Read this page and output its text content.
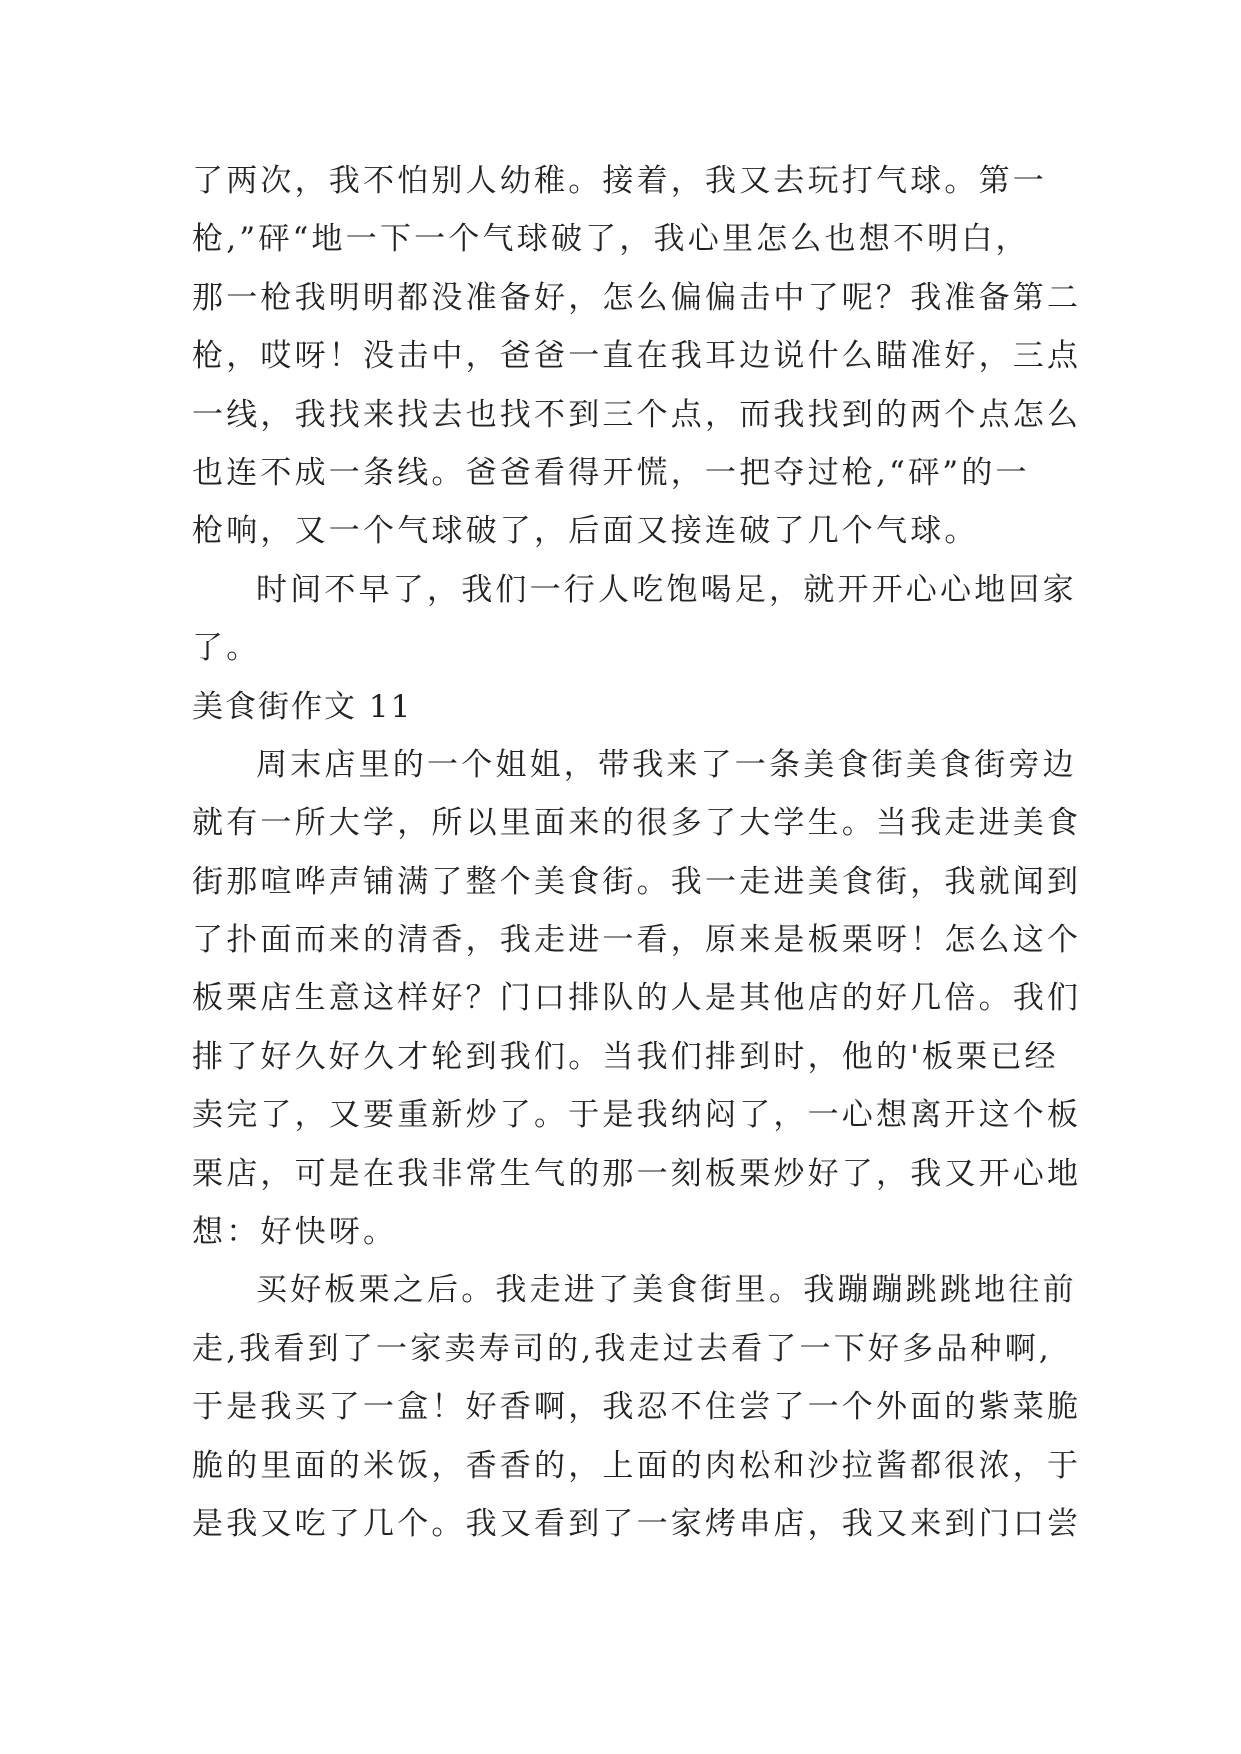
了两次，我不怕别人幼稚。接着，我又去玩打气球。第一
枪,”砰“地一下一个气球破了，我心里怎么也想不明白，
那一枪我明明都没准备好，怎么偏偏击中了呢？我准备第二
枪，哎呀！没击中，爸爸一直在我耳边说什么瞄准好，三点
一线，我找来找去也找不到三个点，而我找到的两个点怎么
也连不成一条线。爸爸看得开慌，一把夺过枪,“砰”的一
枪响，又一个气球破了，后面又接连破了几个气球。
时间不早了，我们一行人吃饱喝足，就开开心心地回家
了。
美食街作文 11
周末店里的一个姐姐，带我来了一条美食街美食街旁边
就有一所大学，所以里面来的很多了大学生。当我走进美食
街那喧哗声铺满了整个美食街。我一走进美食街，我就闻到
了扑面而来的清香，我走进一看，原来是板栗呀！怎么这个
板栗店生意这样好？门口排队的人是其他店的好几倍。我们
排了好久好久才轮到我们。当我们排到时，他的'板栗已经
卖完了，又要重新炒了。于是我纳闷了，一心想离开这个板
栗店，可是在我非常生气的那一刻板栗炒好了，我又开心地
想：好快呀。
买好板栗之后。我走进了美食街里。我蹦蹦跳跳地往前
走,我看到了一家卖寿司的,我走过去看了一下好多品种啊,
于是我买了一盒！好香啊，我忍不住尝了一个外面的紫菜脆
脆的里面的米饭，香香的，上面的肉松和沙拉酱都很浓，于
是我又吃了几个。我又看到了一家烤串店，我又来到门口尝
